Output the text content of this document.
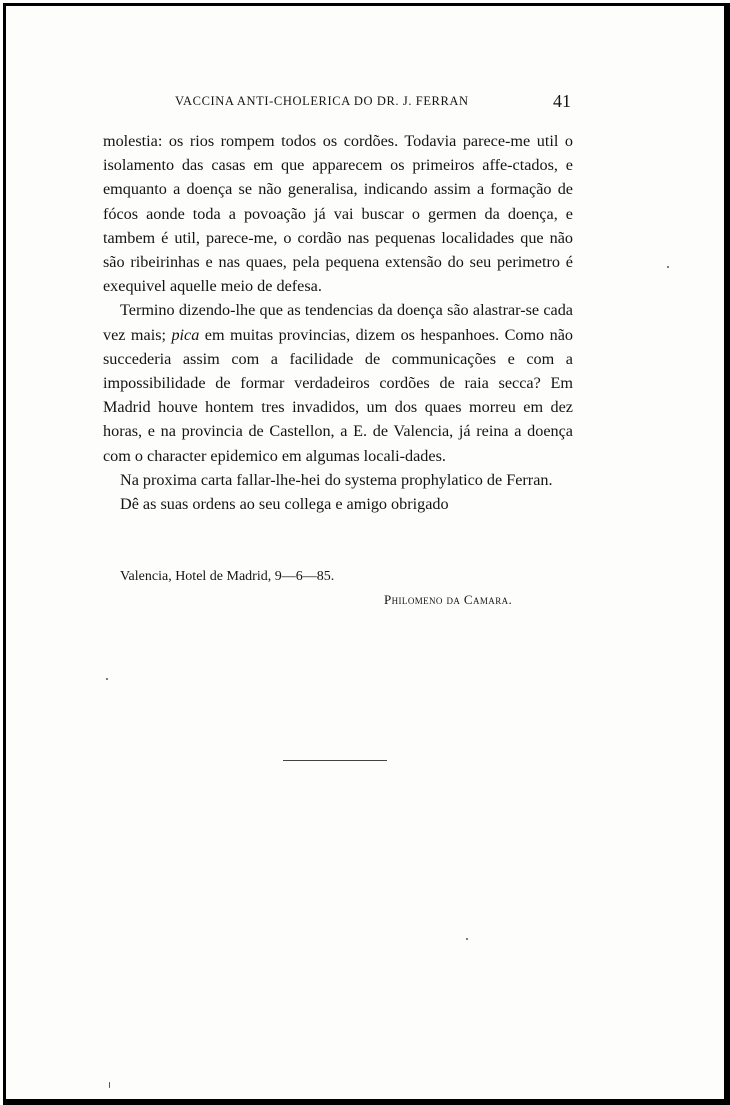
VACCINA ANTI-CHOLERICA DO DR. J. FERRAN	41

molestia: os rios rompem todos os cordões. Todavia parece-me util o isolamento das casas em que apparecem os primeiros affe-ctados, e emquanto a doença se não generalisa, indicando assim a formação de fócos aonde toda a povoação já vai buscar o germen da doença, e tambem é util, parece-me, o cordão nas pequenas localidades que não são ribeirinhas e nas quaes, pela pequena extensão do seu perimetro é exequivel aquelle meio de defesa.

Termino dizendo-lhe que as tendencias da doença são alastrar-se cada vez mais; pica em muitas provincias, dizem os hespanhoes. Como não succederia assim com a facilidade de communicações e com a impossibilidade de formar verdadeiros cordões de raia secca? Em Madrid houve hontem tres invadidos, um dos quaes morreu em dez horas, e na provincia de Castellon, a E. de Valencia, já reina a doença com o character epidemico em algumas locali-dades.

Na proxima carta fallar-lhe-hei do systema prophylatico de Ferran.

Dê as suas ordens ao seu collega e amigo obrigado

Valencia, Hotel de Madrid, 9—6—85.
Philomeno da Camara.
